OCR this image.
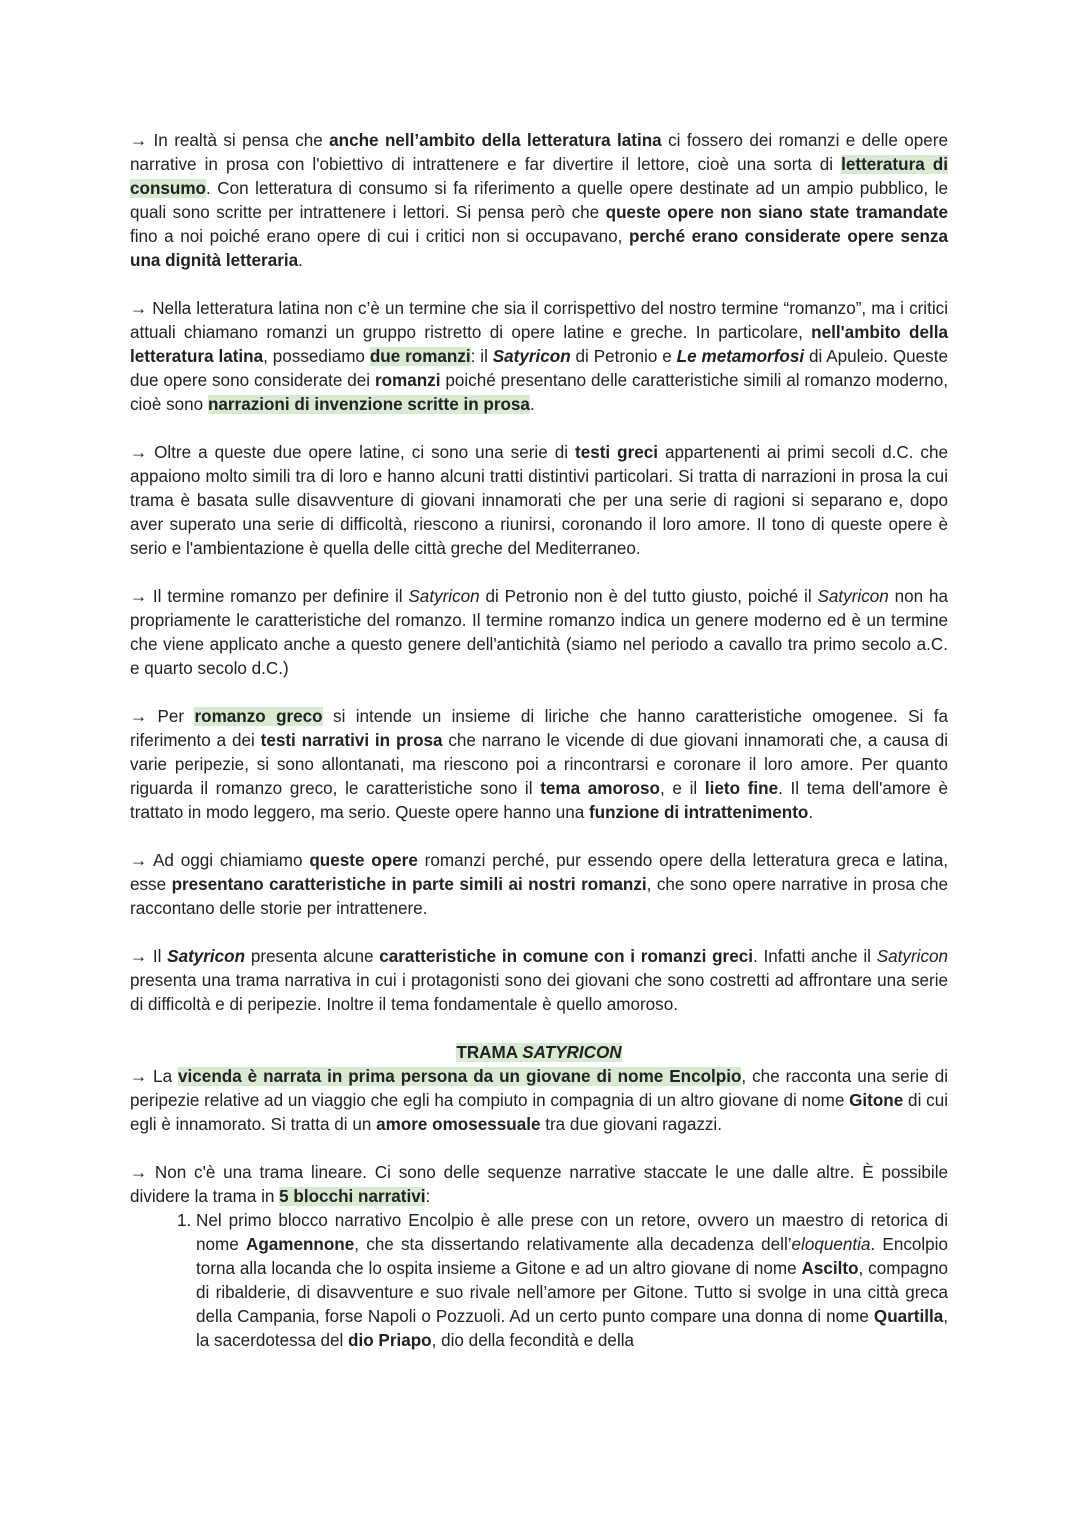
→ In realtà si pensa che anche nell’ambito della letteratura latina ci fossero dei romanzi e delle opere narrative in prosa con l'obiettivo di intrattenere e far divertire il lettore, cioè una sorta di letteratura di consumo. Con letteratura di consumo si fa riferimento a quelle opere destinate ad un ampio pubblico, le quali sono scritte per intrattenere i lettori. Si pensa però che queste opere non siano state tramandate fino a noi poiché erano opere di cui i critici non si occupavano, perché erano considerate opere senza una dignità letteraria.

→ Nella letteratura latina non c’è un termine che sia il corrispettivo del nostro termine “romanzo”, ma i critici attuali chiamano romanzi un gruppo ristretto di opere latine e greche. In particolare, nell'ambito della letteratura latina, possediamo due romanzi: il Satyricon di Petronio e Le metamorfosi di Apuleio. Queste due opere sono considerate dei romanzi poiché presentano delle caratteristiche simili al romanzo moderno, cioè sono narrazioni di invenzione scritte in prosa.

→ Oltre a queste due opere latine, ci sono una serie di testi greci appartenenti ai primi secoli d.C. che appaiono molto simili tra di loro e hanno alcuni tratti distintivi particolari. Si tratta di narrazioni in prosa la cui trama è basata sulle disavventure di giovani innamorati che per una serie di ragioni si separano e, dopo aver superato una serie di difficoltà, riescono a riunirsi, coronando il loro amore. Il tono di queste opere è serio e l'ambientazione è quella delle città greche del Mediterraneo.

→ Il termine romanzo per definire il Satyricon di Petronio non è del tutto giusto, poiché il Satyricon non ha propriamente le caratteristiche del romanzo. Il termine romanzo indica un genere moderno ed è un termine che viene applicato anche a questo genere dell'antichità (siamo nel periodo a cavallo tra primo secolo a.C. e quarto secolo d.C.)

→ Per romanzo greco si intende un insieme di liriche che hanno caratteristiche omogenee. Si fa riferimento a dei testi narrativi in prosa che narrano le vicende di due giovani innamorati che, a causa di varie peripezie, si sono allontanati, ma riescono poi a rincontrarsi e coronare il loro amore. Per quanto riguarda il romanzo greco, le caratteristiche sono il tema amoroso, e il lieto fine. Il tema dell'amore è trattato in modo leggero, ma serio. Queste opere hanno una funzione di intrattenimento.

→ Ad oggi chiamiamo queste opere romanzi perché, pur essendo opere della letteratura greca e latina, esse presentano caratteristiche in parte simili ai nostri romanzi, che sono opere narrative in prosa che raccontano delle storie per intrattenere.

→ Il Satyricon presenta alcune caratteristiche in comune con i romanzi greci. Infatti anche il Satyricon presenta una trama narrativa in cui i protagonisti sono dei giovani che sono costretti ad affrontare una serie di difficoltà e di peripezie. Inoltre il tema fondamentale è quello amoroso.

TRAMA SATYRICON

→ La vicenda è narrata in prima persona da un giovane di nome Encolpio, che racconta una serie di peripezie relative ad un viaggio che egli ha compiuto in compagnia di un altro giovane di nome Gitone di cui egli è innamorato. Si tratta di un amore omosessuale tra due giovani ragazzi.

→ Non c'è una trama lineare. Ci sono delle sequenze narrative staccate le une dalle altre. È possibile dividere la trama in 5 blocchi narrativi:

1. Nel primo blocco narrativo Encolpio è alle prese con un retore, ovvero un maestro di retorica di nome Agamennone, che sta dissertando relativamente alla decadenza dell’eloquentia. Encolpio torna alla locanda che lo ospita insieme a Gitone e ad un altro giovane di nome Ascilto, compagno di ribalderie, di disavventure e suo rivale nell’amore per Gitone. Tutto si svolge in una città greca della Campania, forse Napoli o Pozzuoli. Ad un certo punto compare una donna di nome Quartilla, la sacerdotessa del dio Priapo, dio della fecondità e della
